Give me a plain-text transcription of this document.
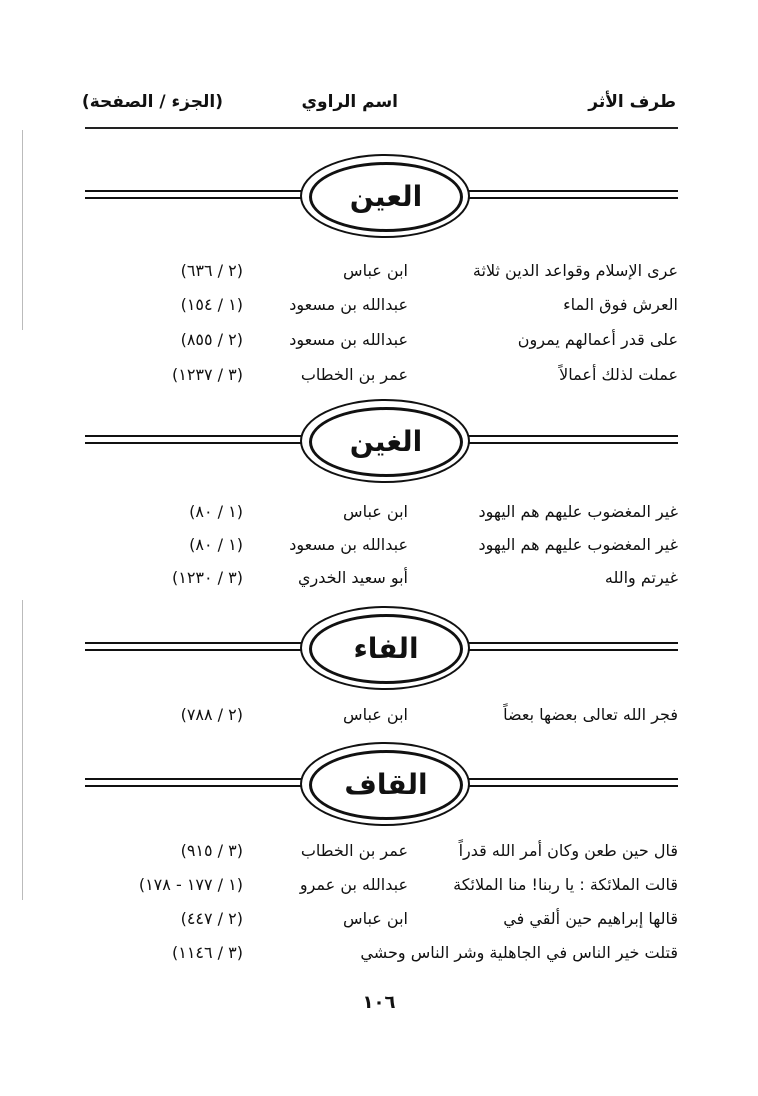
طرف الأثر
اسم الراوي
(الجزء / الصفحة)
العين
عرى الإسلام وقواعد الدين ثلاثة
ابن عباس
(٢ / ٦٣٦)
العرش فوق الماء
عبدالله بن مسعود
(١ / ١٥٤)
على قدر أعمالهم يمرون
عبدالله بن مسعود
(٢ / ٨٥٥)
عملت لذلك أعمالاً
عمر بن الخطاب
(٣ / ١٢٣٧)
الغين
غير المغضوب عليهم هم اليهود
ابن عباس
(١ / ٨٠)
غير المغضوب عليهم هم اليهود
عبدالله بن مسعود
(١ / ٨٠)
غيرتم والله
أبو سعيد الخدري
(٣ / ١٢٣٠)
الفاء
فجر الله تعالى بعضها بعضاً
ابن عباس
(٢ / ٧٨٨)
القاف
قال حين طعن وكان أمر الله قدراً
عمر بن الخطاب
(٣ / ٩١٥)
قالت الملائكة : يا ربنا! منا الملائكة
عبدالله بن عمرو
(١ / ١٧٧ - ١٧٨)
قالها إبراهيم حين ألقي في
ابن عباس
(٢ / ٤٤٧)
قتلت خير الناس في الجاهلية وشر الناس وحشي
(٣ / ١١٤٦)
١٠٦
